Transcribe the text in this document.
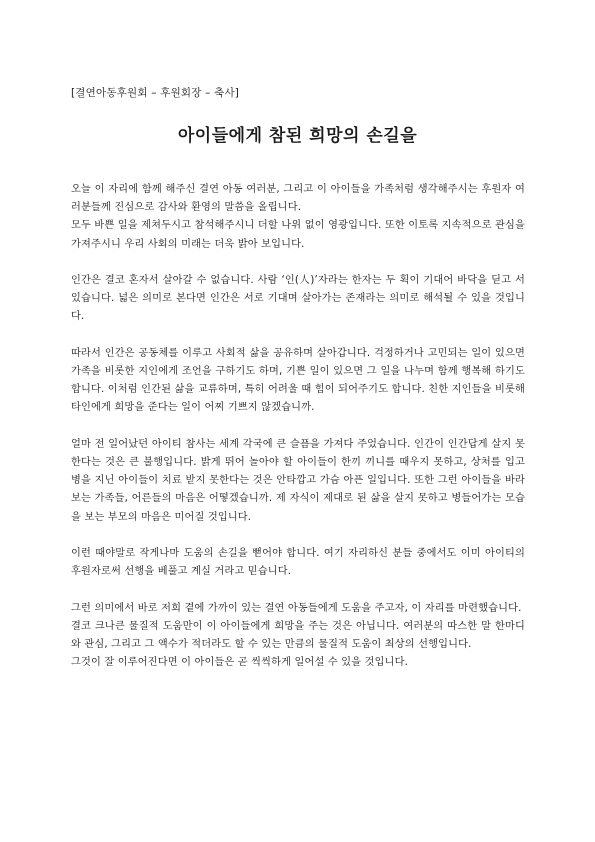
[결연아동후원회 – 후원회장 – 축사]
아이들에게 참된 희망의 손길을

오늘 이 자리에 함께 해주신 결연 아동 여러분, 그리고 이 아이들을 가족처럼 생각해주시는 후원자 여러분들께 진심으로 감사와 환영의 말씀을 올립니다.

모두 바쁜 일을 제쳐두시고 참석해주시니 더할 나위 없이 영광입니다. 또한 이토록 지속적으로 관심을 가져주시니 우리 사회의 미래는 더욱 밝아 보입니다.

인간은 결코 혼자서 살아갈 수 없습니다. 사람 ‘인(人)’자라는 한자는 두 획이 기대어 바닥을 딛고 서 있습니다. 넓은 의미로 본다면 인간은 서로 기대며 살아가는 존재라는 의미로 해석될 수 있을 것입니다.

따라서 인간은 공동체를 이루고 사회적 삶을 공유하며 살아갑니다. 걱정하거나 고민되는 일이 있으면 가족을 비롯한 지인에게 조언을 구하기도 하며, 기쁜 일이 있으면 그 일을 나누며 함께 행복해 하기도 합니다. 이처럼 인간된 삶을 교류하며, 특히 어려울 때 힘이 되어주기도 합니다. 친한 지인들을 비롯해 타인에게 희망을 준다는 일이 어찌 기쁘지 않겠습니까.

얼마 전 일어났던 아이티 참사는 세계 각국에 큰 슬픔을 가져다 주었습니다. 인간이 인간답게 살지 못한다는 것은 큰 불행입니다. 밝게 뛰어 놀아야 할 아이들이 한끼 끼니를 때우지 못하고, 상처를 입고 병을 지닌 아이들이 치료 받지 못한다는 것은 안타깝고 가슴 아픈 일입니다. 또한 그런 아이들을 바라보는 가족들, 어른들의 마음은 어떻겠습니까. 제 자식이 제대로 된 삶을 살지 못하고 병들어가는 모습을 보는 부모의 마음은 미어질 것입니다.

이런 때야말로 작게나마 도움의 손길을 뻗어야 합니다. 여기 자리하신 분들 중에서도 이미 아이티의 후원자로써 선행을 베풀고 계실 거라고 믿습니다.

그런 의미에서 바로 저희 곁에 가까이 있는 결연 아동들에게 도움을 주고자, 이 자리를 마련했습니다.

결코 크나큰 물질적 도움만이 이 아이들에게 희망을 주는 것은 아닙니다. 여러분의 따스한 말 한마디와 관심, 그리고 그 액수가 적더라도 할 수 있는 만큼의 물질적 도움이 최상의 선행입니다.

그것이 잘 이루어진다면 이 아이들은 곧 씩씩하게 일어설 수 있을 것입니다.
